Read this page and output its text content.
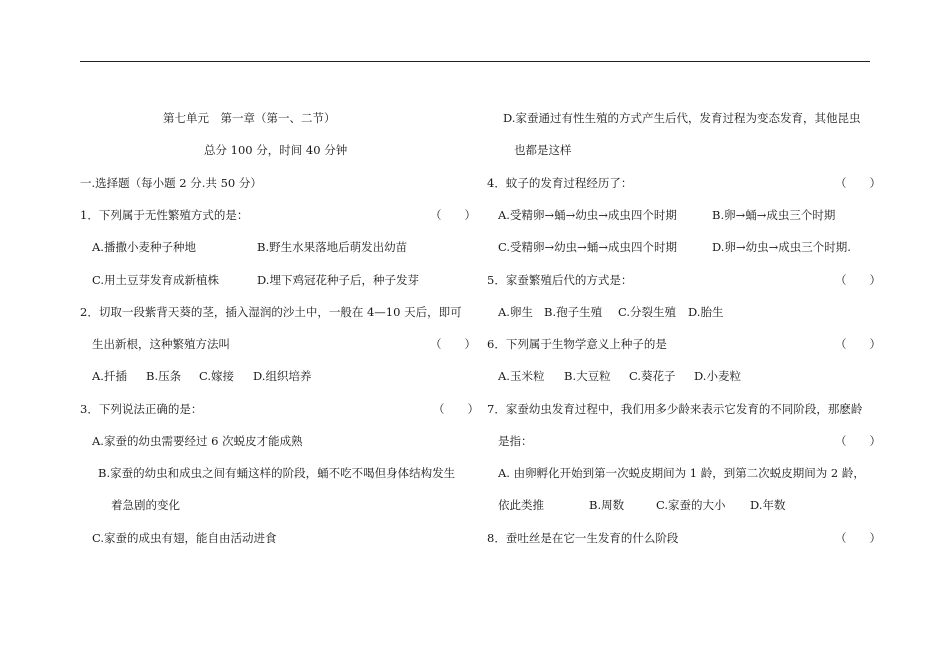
第七单元　第一章（第一、二节）
总分 100 分，时间 40 分钟
一.选择题（每小题 2 分.共 50 分）
1．下列属于无性繁殖方式的是：	（　　）
A.播撒小麦种子种地	B.野生水果落地后萌发出幼苗
C.用土豆芽发育成新植株	D.埋下鸡冠花种子后，种子发芽
2．切取一段紫背天葵的茎，插入湿润的沙土中，一般在 4—10 天后，即可
生出新根，这种繁殖方法叫	（　　）
A.扦插 B.压条 C.嫁接 D.组织培养
3．下列说法正确的是：	（　　）
A.家蚕的幼虫需要经过 6 次蜕皮才能成熟
B.家蚕的幼虫和成虫之间有蛹这样的阶段，蛹不吃不喝但身体结构发生
着急剧的变化
C.家蚕的成虫有翅，能自由活动进食
D.家蚕通过有性生殖的方式产生后代，发育过程为变态发育，其他昆虫
也都是这样
4．蚊子的发育过程经历了：	（　　）
A.受精卵→蛹→幼虫→成虫四个时期	B.卵→蛹→成虫三个时期
C.受精卵→幼虫→蛹→成虫四个时期	D.卵→幼虫→成虫三个时期.
5．家蚕繁殖后代的方式是：	（　　）
A.卵生 B.孢子生殖 C.分裂生殖 D.胎生
6．下列属于生物学意义上种子的是	（　　）
A.玉米粒 B.大豆粒 C.葵花子 D.小麦粒
7．家蚕幼虫发育过程中，我们用多少龄来表示它发育的不同阶段，那麽龄
是指：	（　　）
A. 由卵孵化开始到第一次蜕皮期间为 1 龄，到第二次蜕皮期间为 2 龄，
依此类推	B.周数	C.家蚕的大小 D.年数
8．蚕吐丝是在它一生发育的什么阶段	（　　）
